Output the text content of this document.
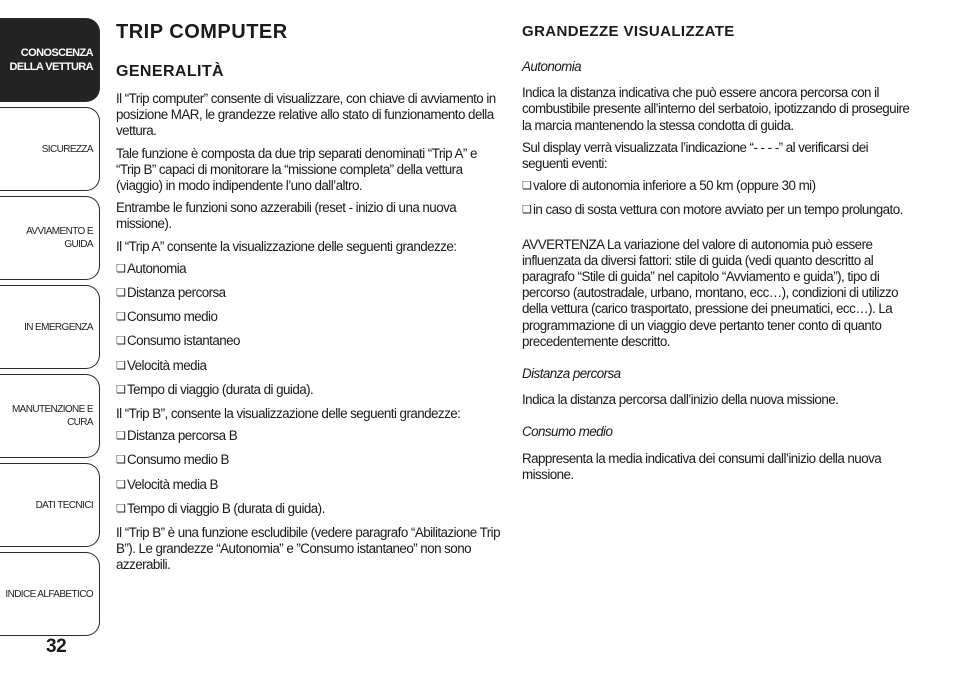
CONOSCENZA
DELLA VETTURA
SICUREZZA
AVVIAMENTO E
GUIDA
IN EMERGENZA
MANUTENZIONE E
CURA
DATI TECNICI
INDICE ALFABETICO
32
TRIP COMPUTER
GENERALITÀ

Il “Trip computer” consente di visualizzare, con chiave di avviamento in posizione MAR, le grandezze relative allo stato di funzionamento della vettura.

Tale funzione è composta da due trip separati denominati “Trip A” e “Trip B” capaci di monitorare la “missione completa” della vettura (viaggio) in modo indipendente l’uno dall’altro.

Entrambe le funzioni sono azzerabili (reset - inizio di una nuova missione).

Il “Trip A” consente la visualizzazione delle seguenti grandezze:

❏ Autonomia
❏ Distanza percorsa
❏ Consumo medio
❏ Consumo istantaneo
❏ Velocità media
❏ Tempo di viaggio (durata di guida).

Il “Trip B”, consente la visualizzazione delle seguenti grandezze:

❏ Distanza percorsa B
❏ Consumo medio B
❏ Velocità media B
❏ Tempo di viaggio B (durata di guida).

Il “Trip B” è una funzione escludibile (vedere paragrafo “Abilitazione Trip B”). Le grandezze “Autonomia” e ”Consumo istantaneo” non sono azzerabili.

GRANDEZZE VISUALIZZATE
Autonomia

Indica la distanza indicativa che può essere ancora percorsa con il combustibile presente all’interno del serbatoio, ipotizzando di proseguire la marcia mantenendo la stessa condotta di guida.

Sul display verrà visualizzata l’indicazione “- - - -” al verificarsi dei seguenti eventi:

❏ valore di autonomia inferiore a 50 km (oppure 30 mi)
❏ in caso di sosta vettura con motore avviato per un tempo prolungato.

AVVERTENZA La variazione del valore di autonomia può essere influenzata da diversi fattori: stile di guida (vedi quanto descritto al paragrafo “Stile di guida” nel capitolo “Avviamento e guida”), tipo di percorso (autostradale, urbano, montano, ecc…), condizioni di utilizzo della vettura (carico trasportato, pressione dei pneumatici, ecc…). La programmazione di un viaggio deve pertanto tener conto di quanto precedentemente descritto.

Distanza percorsa

Indica la distanza percorsa dall’inizio della nuova missione.

Consumo medio

Rappresenta la media indicativa dei consumi dall’inizio della nuova missione.
